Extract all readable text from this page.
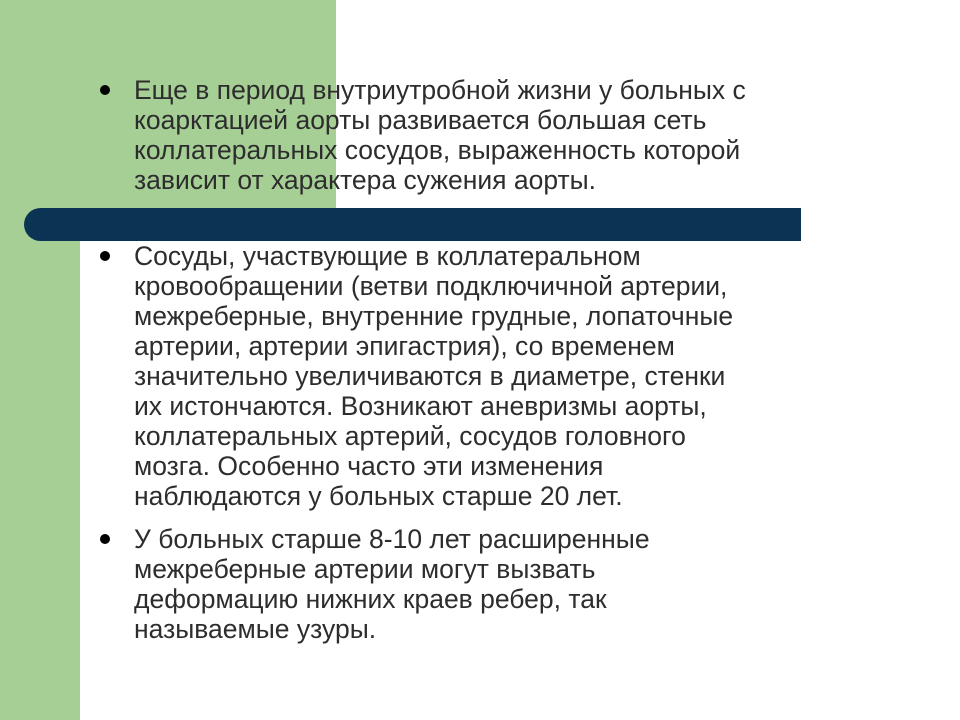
Еще в период внутриутробной жизни у больных с
коарктацией аорты развивается большая сеть
коллатеральных сосудов, выраженность которой
зависит от характера сужения аорты.

Сосуды, участвующие в коллатеральном
кровообращении (ветви подключичной артерии,
межреберные, внутренние грудные, лопаточные
артерии, артерии эпигастрия), со временем
значительно увеличиваются в диаметре, стенки
их истончаются. Возникают аневризмы аорты,
коллатеральных артерий, сосудов головного
мозга. Особенно часто эти изменения
наблюдаются у больных старше 20 лет.

У больных старше 8-10 лет расширенные
межреберные артерии могут вызвать
деформацию нижних краев ребер, так
называемые узуры.
